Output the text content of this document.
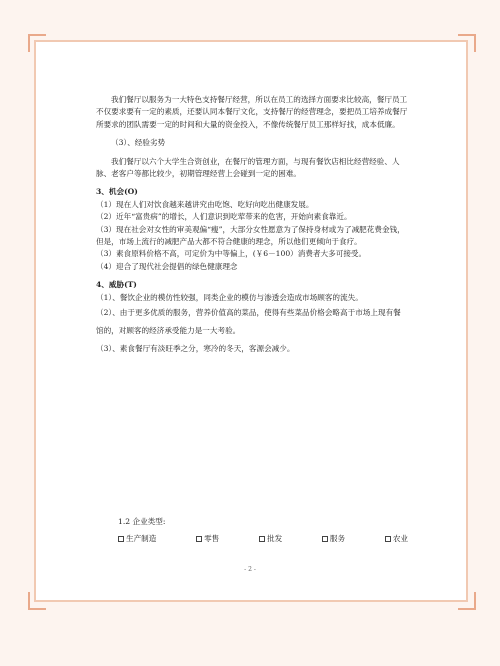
我们餐厅以服务为一大特色支持餐厅经营，所以在员工的选择方面要求比较高，餐厅员工不仅要求要有一定的素质，还要认同本餐厅文化，支持餐厅的经营理念，要把员工培养成餐厅所要求的团队需要一定的时间和大量的资金投入，不像传统餐厅员工那样好找，成本低廉。

（3）、经验劣势

我们餐厅以六个大学生合资创业，在餐厅的管理方面，与现有餐饮店相比经营经验、人脉、老客户等都比较少，初期管理经营上会碰到一定的困难。

3、机会(O)

（1）现在人们对饮食越来越讲究由吃饱、吃好向吃出健康发展。

（2）近年“富贵病”的增长，人们意识到吃荤带来的危害，开始向素食靠近。

（3）现在社会对女性的审美观偏“瘦”，大部分女性愿意为了保持身材或为了减肥花费金钱，但是，市场上流行的减肥产品大都不符合健康的理念，所以他们更倾向于食疗。

（3）素食原料价格不高，可定价为中等偏上，(￥6－100）消费者大多可接受。

（4）迎合了现代社会提倡的绿色健康理念

4、威胁(T)

（1）、餐饮企业的模仿性较强，同类企业的模仿与渗透会造成市场顾客的流失。

（2）、由于更多优质的服务，营养价值高的菜品，使得有些菜品价格会略高于市场上现有餐馆的，对顾客的经济承受能力是一大考验。

（3）、素食餐厅有淡旺季之分，寒冷的冬天，客源会减少。

1.2 企业类型:
生产制造	零售	批发	服务	农业
- 2 -
